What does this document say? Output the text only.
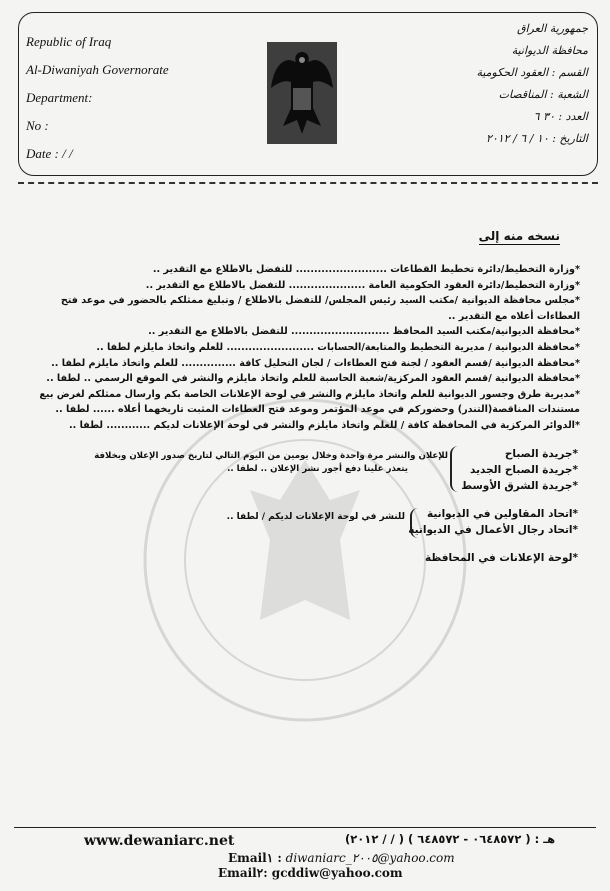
Republic of Iraq
Al-Diwaniyah Governorate
Department:
No :
Date : / /
جمهورية العراق
محافظة الديوانية
القسم : العقود الحكومية
الشعبة : المناقصات
العدد : ٣٠ ٦
التاريخ : ١٠ / ٦ / ٢٠١٢
نسخه منه إلى
*وزارة التخطيط/دائرة تخطيط القطاعات ......................... للتفضل بالاطلاع مع التقدير ..
*وزارة التخطيط/دائرة العقود الحكومية العامة ..................... للتفضل بالاطلاع مع التقدير ..
*مجلس محافظة الديوانية /مكتب السيد رئيس المجلس/ للتفضل بالاطلاع / وتبليغ ممثلكم بالحضور في موعد فتح
العطاءات أعلاه مع التقدير ..
*محافظة الديوانية/مكتب السيد المحافظ ........................... للتفضل بالاطلاع مع التقدير ..
*محافظة الديوانية / مديرية التخطيط والمتابعة/الحسابات ........................ للعلم واتخاذ مايلزم لطفا ..
*محافظة الديوانية /قسم العقود / لجنة فتح العطاءات / لجان التحليل كافة ............... للعلم واتخاذ مايلزم لطفا ..
*محافظة الديوانية /قسم العقود المركزية/شعبة الحاسبة للعلم واتخاذ مايلزم والنشر في الموقع الرسمي .. لطفا ..
*مديرية طرق وجسور الديوانية للعلم واتخاذ مايلزم والنشر في لوحة الإعلانات الخاصة بكم وارسال ممثلكم لغرض بيع
مستندات المناقصة(التندر) وحضوركم في موعد المؤتمر وموعد فتح العطاءات المثبت تاريخهما أعلاه ...... لطفا ..
*الدوائر المركزية في المحافظة كافة / للعلم واتخاذ مايلزم والنشر في لوحة الإعلانات لديكم ............ لطفا ..
*جريدة الصباح
*جريدة الصباح الجديد
*جريدة الشرق الأوسط
للإعلان والنشر مرة واحدة وخلال يومين من اليوم التالي لتاريخ صدور الإعلان وبخلافة
يتعذر علينا دفع أجور نشر الإعلان .. لطفا ..
*اتحاد المقاولين في الديوانية
*اتحاد رجال الأعمال في الديوانية
للنشر في لوحة الإعلانات لديكم / لطفا ..
*لوحة الإعلانات في المحافظة
www.dewaniarc.net	هـ : ( ٠٦٤٨٥٧٢ - ٦٤٨٥٧٢ ) ( / / ٢٠١٢)
Email١ : diwaniarc_٢٠٠٥@yahoo.com
Email٢: gcddiw@yahoo.com
